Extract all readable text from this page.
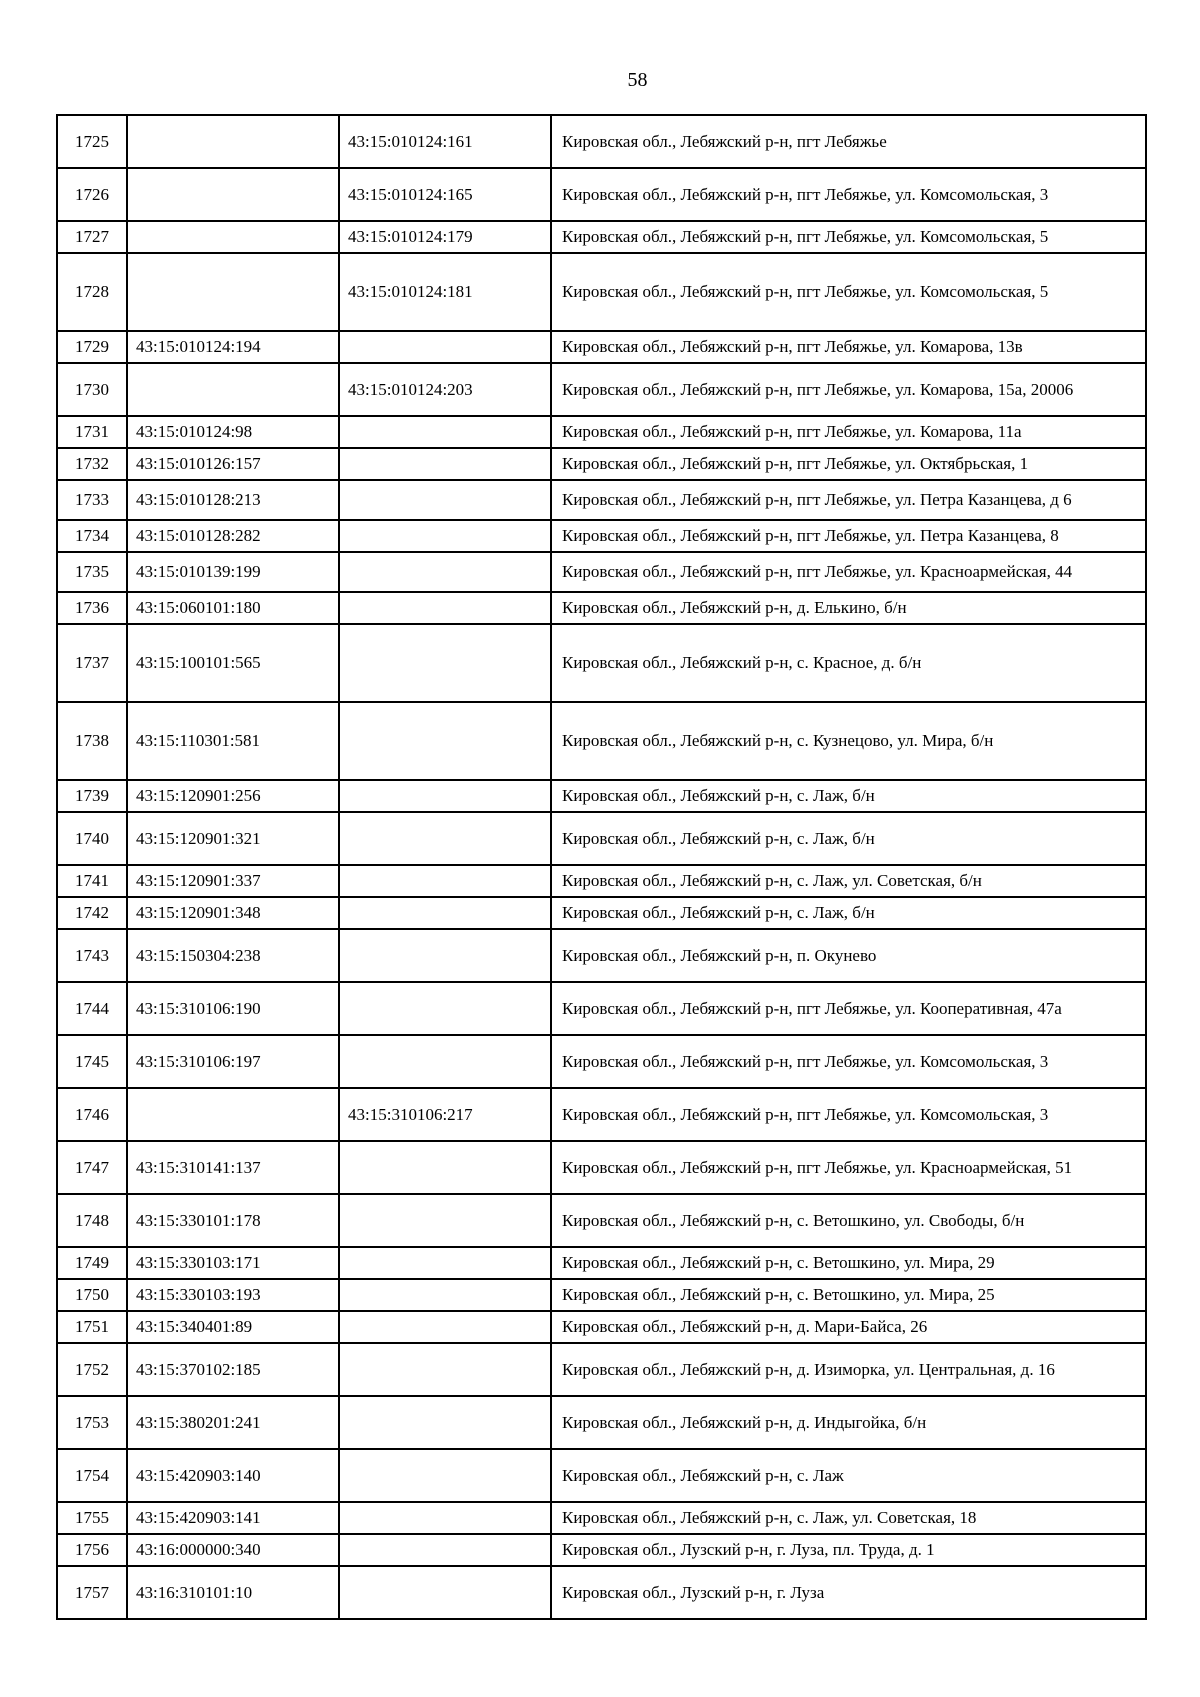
58
1725		43:15:010124:161	Кировская обл., Лебяжский р-н, пгт Лебяжье
1726		43:15:010124:165	Кировская обл., Лебяжский р-н, пгт Лебяжье, ул. Комсомольская, 3
1727		43:15:010124:179	Кировская обл., Лебяжский р-н, пгт Лебяжье, ул. Комсомольская, 5
1728		43:15:010124:181	Кировская обл., Лебяжский р-н, пгт Лебяжье, ул. Комсомольская, 5
1729	43:15:010124:194		Кировская обл., Лебяжский р-н, пгт Лебяжье, ул. Комарова, 13в
1730		43:15:010124:203	Кировская обл., Лебяжский р-н, пгт Лебяжье, ул. Комарова, 15а, 20006
1731	43:15:010124:98		Кировская обл., Лебяжский р-н, пгт Лебяжье, ул. Комарова, 11а
1732	43:15:010126:157		Кировская обл., Лебяжский р-н, пгт Лебяжье, ул. Октябрьская, 1
1733	43:15:010128:213		Кировская обл., Лебяжский р-н, пгт Лебяжье, ул. Петра Казанцева, д 6
1734	43:15:010128:282		Кировская обл., Лебяжский р-н, пгт Лебяжье, ул. Петра Казанцева, 8
1735	43:15:010139:199		Кировская обл., Лебяжский р-н, пгт Лебяжье, ул. Красноармейская, 44
1736	43:15:060101:180		Кировская обл., Лебяжский р-н, д. Елькино, б/н
1737	43:15:100101:565		Кировская обл., Лебяжский р-н, с. Красное, д. б/н
1738	43:15:110301:581		Кировская обл., Лебяжский р-н, с. Кузнецово, ул. Мира, б/н
1739	43:15:120901:256		Кировская обл., Лебяжский р-н, с. Лаж, б/н
1740	43:15:120901:321		Кировская обл., Лебяжский р-н, с. Лаж, б/н
1741	43:15:120901:337		Кировская обл., Лебяжский р-н, с. Лаж, ул. Советская, б/н
1742	43:15:120901:348		Кировская обл., Лебяжский р-н, с. Лаж, б/н
1743	43:15:150304:238		Кировская обл., Лебяжский р-н, п. Окунево
1744	43:15:310106:190		Кировская обл., Лебяжский р-н, пгт Лебяжье, ул. Кооперативная, 47а
1745	43:15:310106:197		Кировская обл., Лебяжский р-н, пгт Лебяжье, ул. Комсомольская, 3
1746		43:15:310106:217	Кировская обл., Лебяжский р-н, пгт Лебяжье, ул. Комсомольская, 3
1747	43:15:310141:137		Кировская обл., Лебяжский р-н, пгт Лебяжье, ул. Красноармейская, 51
1748	43:15:330101:178		Кировская обл., Лебяжский р-н, с. Ветошкино, ул. Свободы, б/н
1749	43:15:330103:171		Кировская обл., Лебяжский р-н, с. Ветошкино, ул. Мира, 29
1750	43:15:330103:193		Кировская обл., Лебяжский р-н, с. Ветошкино, ул. Мира, 25
1751	43:15:340401:89		Кировская обл., Лебяжский р-н, д. Мари-Байса, 26
1752	43:15:370102:185		Кировская обл., Лебяжский р-н, д. Изиморка, ул. Центральная, д. 16
1753	43:15:380201:241		Кировская обл., Лебяжский р-н, д. Индыгойка, б/н
1754	43:15:420903:140		Кировская обл., Лебяжский р-н, с. Лаж
1755	43:15:420903:141		Кировская обл., Лебяжский р-н, с. Лаж, ул. Советская, 18
1756	43:16:000000:340		Кировская обл., Лузский р-н, г. Луза, пл. Труда, д. 1
1757	43:16:310101:10		Кировская обл., Лузский р-н, г. Луза
